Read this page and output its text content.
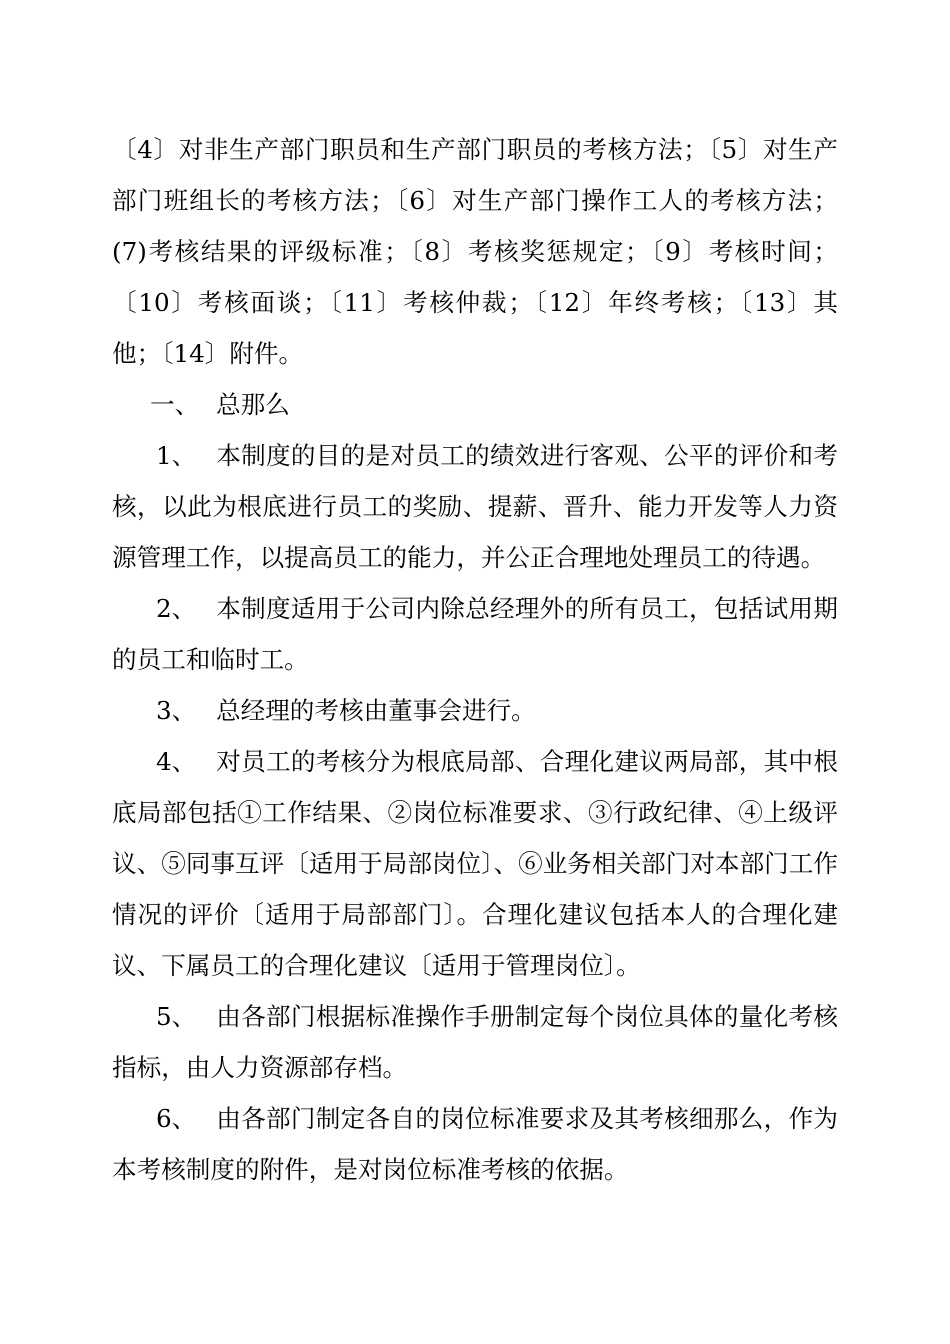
〔4〕对非生产部门职员和生产部门职员的考核方法；〔5〕对生产部门班组长的考核方法；〔6〕对生产部门操作工人的考核方法；(7)考核结果的评级标准；〔8〕考核奖惩规定；〔9〕考核时间；〔10〕考核面谈；〔11〕考核仲裁；〔12〕年终考核；〔13〕其他；〔14〕附件。

一、 总那么

1、 本制度的目的是对员工的绩效进行客观、公平的评价和考核，以此为根底进行员工的奖励、提薪、晋升、能力开发等人力资源管理工作，以提高员工的能力，并公正合理地处理员工的待遇。

2、 本制度适用于公司内除总经理外的所有员工，包括试用期的员工和临时工。

3、 总经理的考核由董事会进行。

4、 对员工的考核分为根底局部、合理化建议两局部，其中根底局部包括①工作结果、②岗位标准要求、③行政纪律、④上级评议、⑤同事互评〔适用于局部岗位〕、⑥业务相关部门对本部门工作情况的评价〔适用于局部部门〕。合理化建议包括本人的合理化建议、下属员工的合理化建议〔适用于管理岗位〕。

5、 由各部门根据标准操作手册制定每个岗位具体的量化考核指标，由人力资源部存档。

6、 由各部门制定各自的岗位标准要求及其考核细那么，作为本考核制度的附件，是对岗位标准考核的依据。
